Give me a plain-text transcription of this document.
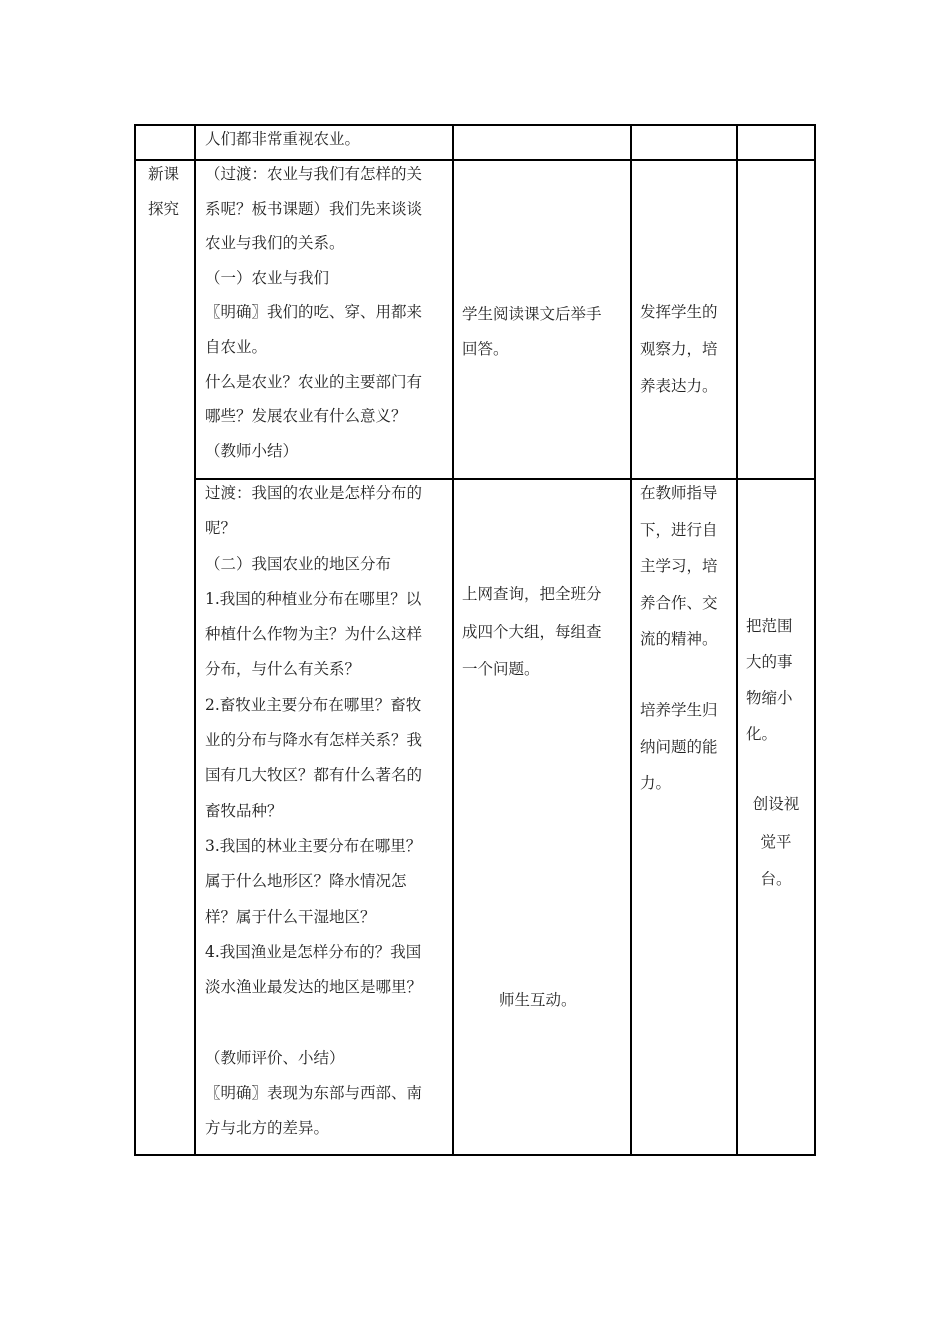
人们都非常重视农业。
新课
探究
（过渡：农业与我们有怎样的关
系呢？板书课题）我们先来谈谈
农业与我们的关系。
（一）农业与我们
〖明确〗我们的吃、穿、用都来
自农业。
什么是农业？农业的主要部门有
哪些？发展农业有什么意义？
（教师小结）
学生阅读课文后举手
回答。
发挥学生的
观察力，培
养表达力。
过渡：我国的农业是怎样分布的
呢？
（二）我国农业的地区分布
1.我国的种植业分布在哪里？以
种植什么作物为主？为什么这样
分布，与什么有关系？
2.畜牧业主要分布在哪里？畜牧
业的分布与降水有怎样关系？我
国有几大牧区？都有什么著名的
畜牧品种？
3.我国的林业主要分布在哪里？
属于什么地形区？降水情况怎
样？属于什么干湿地区？
4.我国渔业是怎样分布的？我国
淡水渔业最发达的地区是哪里？
（教师评价、小结）
〖明确〗表现为东部与西部、南
方与北方的差异。
上网查询，把全班分
成四个大组，每组查
一个问题。
师生互动。
在教师指导
下，进行自
主学习，培
养合作、交
流的精神。
培养学生归
纳问题的能
力。
把范围
大的事
物缩小
化。
创设视
觉平
台。
